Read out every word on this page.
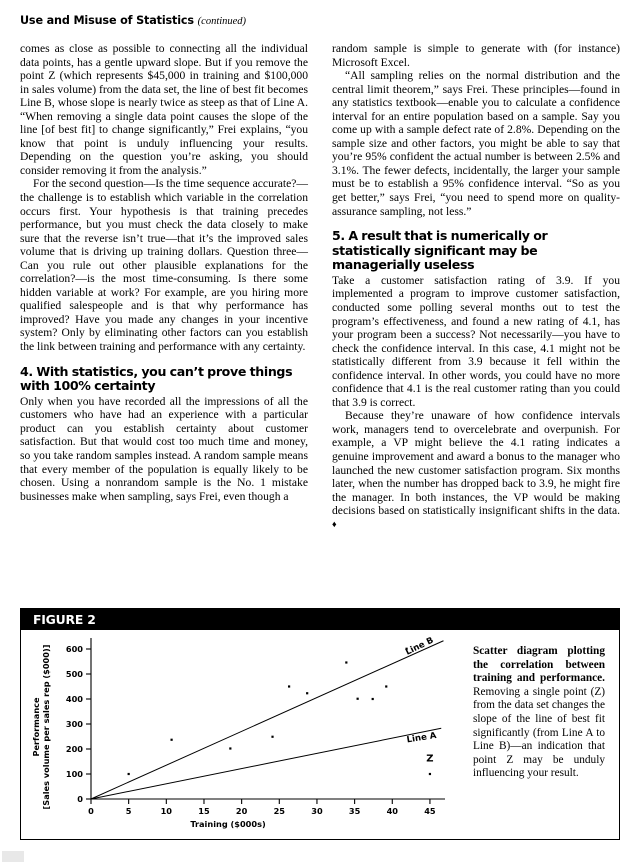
Use and Misuse of Statistics (continued)

comes as close as possible to connecting all the individual data points, has a gentle upward slope. But if you remove the point Z (which represents $45,000 in training and $100,000 in sales volume) from the data set, the line of best fit becomes Line B, whose slope is nearly twice as steep as that of Line A. “When removing a single data point causes the slope of the line [of best fit] to change significantly,” Frei explains, “you know that point is unduly influencing your results. Depending on the question you’re asking, you should consider removing it from the analysis.”

For the second question—Is the time sequence accurate?—the challenge is to establish which variable in the correlation occurs first. Your hypothesis is that training precedes performance, but you must check the data closely to make sure that the reverse isn’t true—that it’s the improved sales volume that is driving up training dollars. Question three—Can you rule out other plausible explanations for the correlation?—is the most time-consuming. Is there some hidden variable at work? For example, are you hiring more qualified salespeople and is that why performance has improved? Have you made any changes in your incentive system? Only by eliminating other factors can you establish the link between training and performance with any certainty.

4. With statistics, you can’t prove things with 100% certainty

Only when you have recorded all the impressions of all the customers who have had an experience with a particular product can you establish certainty about customer satisfaction. But that would cost too much time and money, so you take random samples instead. A random sample means that every member of the population is equally likely to be chosen. Using a nonrandom sample is the No. 1 mistake businesses make when sampling, says Frei, even though a

random sample is simple to generate with (for instance) Microsoft Excel.

“All sampling relies on the normal distribution and the central limit theorem,” says Frei. These principles—found in any statistics textbook—enable you to calculate a confidence interval for an entire population based on a sample. Say you come up with a sample defect rate of 2.8%. Depending on the sample size and other factors, you might be able to say that you’re 95% confident the actual number is between 2.5% and 3.1%. The fewer defects, incidentally, the larger your sample must be to establish a 95% confidence interval. “So as you get better,” says Frei, “you need to spend more on quality-assurance sampling, not less.”

5. A result that is numerically or statistically significant may be managerially useless

Take a customer satisfaction rating of 3.9. If you implemented a program to improve customer satisfaction, conducted some polling several months out to test the program’s effectiveness, and found a new rating of 4.1, has your program been a success? Not necessarily—you have to check the confidence interval. In this case, 4.1 might not be statistically different from 3.9 because it fell within the confidence interval. In other words, you could have no more confidence that 4.1 is the real customer rating than you could that 3.9 is correct.

Because they’re unaware of how confidence intervals work, managers tend to overcelebrate and overpunish. For example, a VP might believe the 4.1 rating indicates a genuine improvement and award a bonus to the manager who launched the new customer satisfaction program. Six months later, when the number has dropped back to 3.9, he might fire the manager. In both instances, the VP would be making decisions based on statistically insignificant shifts in the data. ♦

FIGURE 2
0
100
200
300
400
500
600
0	5	10	15	20	25	30	35	40	45
Training ($000s)
Performance [Sales volume per sales rep ($000)]	Line B
Line A
Z
Scatter diagram plotting the correlation between training and performance. Removing a single point (Z) from the data set changes the slope of the line of best fit significantly (from Line A to Line B)—an indication that point Z may be unduly influencing your result.
